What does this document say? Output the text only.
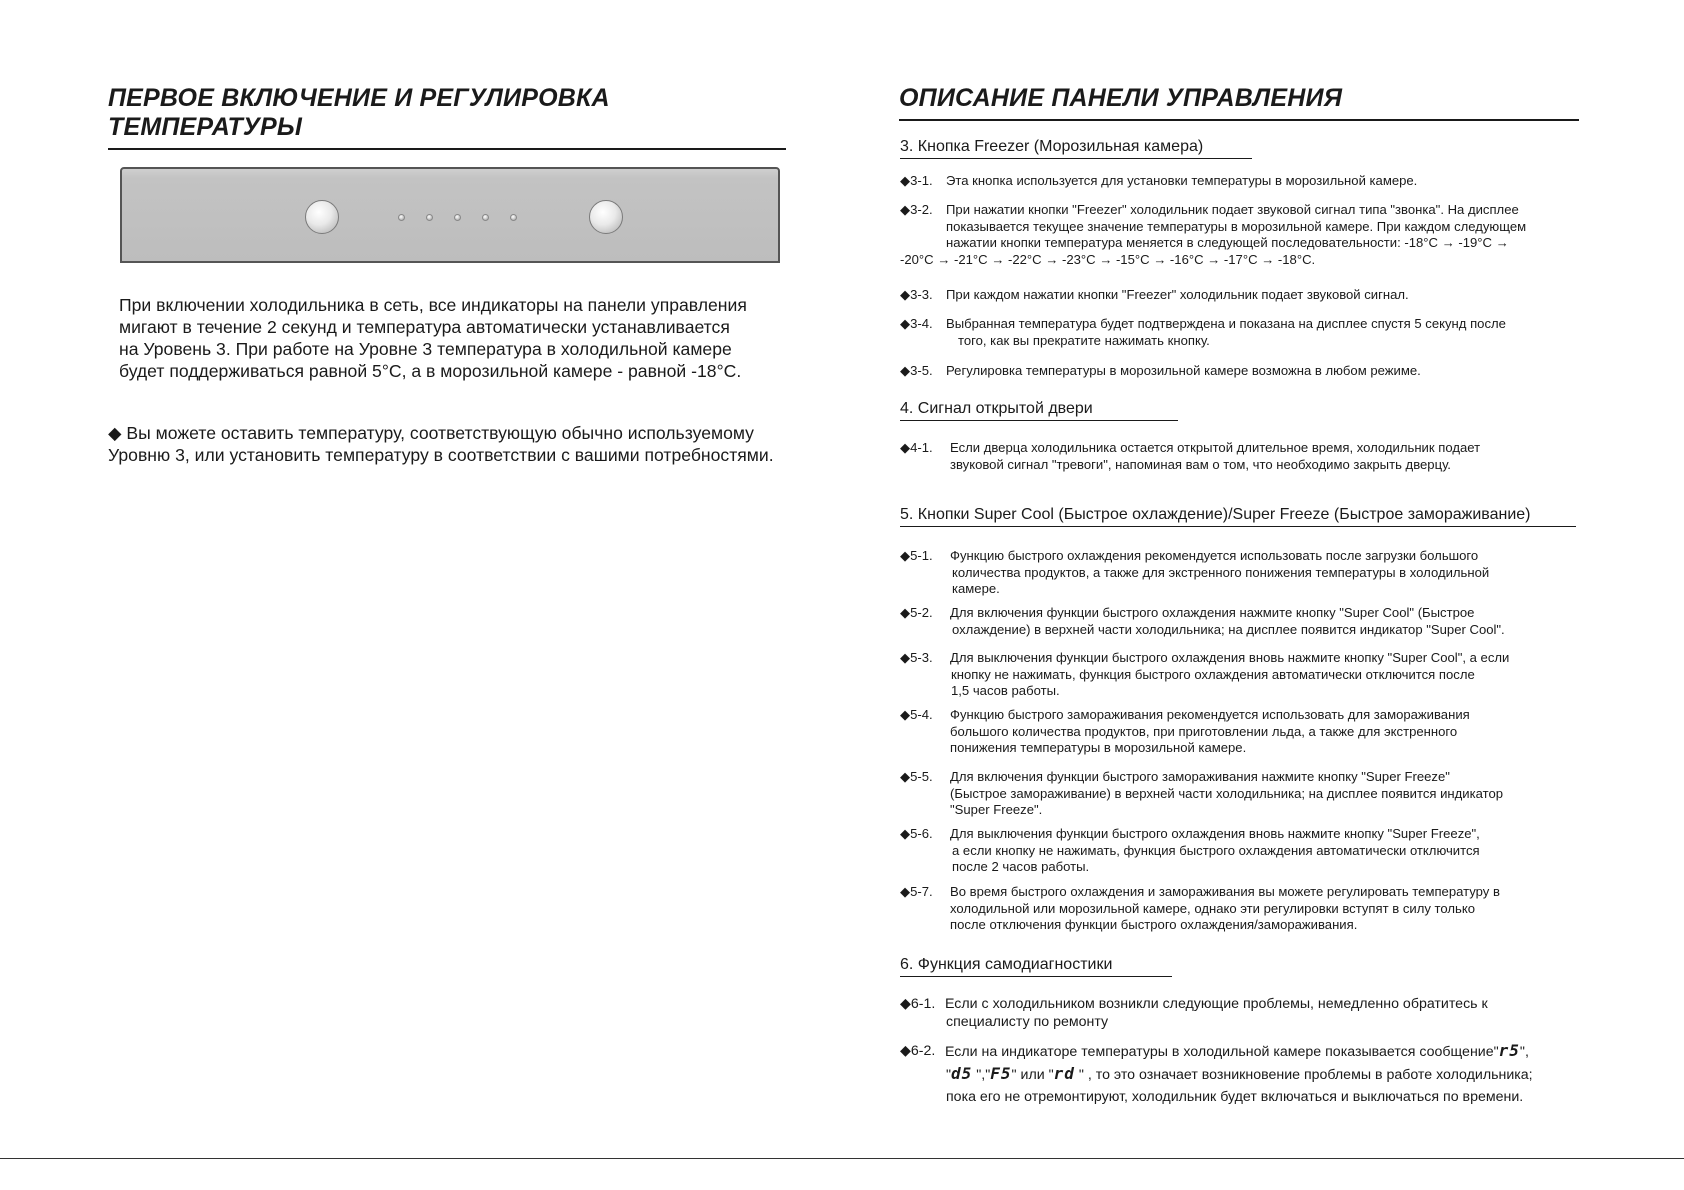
ПЕРВОЕ ВКЛЮЧЕНИЕ И РЕГУЛИРОВКА ТЕМПЕРАТУРЫ

При включении холодильника в сеть, все индикаторы на панели управления
мигают в течение 2 секунд и температура автоматически устанавливается
на Уровень 3. При работе на Уровне 3 температура в холодильной камере
будет поддерживаться равной 5°С, а в морозильной камере - равной -18°С.

◆ Вы можете оставить температуру, соответствующую обычно используемому
Уровню 3, или установить температуру в соответствии с вашими потребностями.

ОПИСАНИЕ ПАНЕЛИ УПРАВЛЕНИЯ
3. Кнопка Freezer (Морозильная камера)
◆3-1. Эта кнопка используется для установки температуры в морозильной камере.
◆3-2. При нажатии кнопки "Freezer" холодильник подает звуковой сигнал типа "звонка". На дисплее
показывается текущее значение температуры в морозильной камере. При каждом следующем
нажатии кнопки температура меняется в следующей последовательности: -18°С → -19°С →
-20°С → -21°С → -22°С → -23°С → -15°С → -16°С → -17°С → -18°С.
◆3-3. При каждом нажатии кнопки "Freezer" холодильник подает звуковой сигнал.
◆3-4. Выбранная температура будет подтверждена и показана на дисплее спустя 5 секунд после
того, как вы прекратите нажимать кнопку.
◆3-5. Регулировка температуры в морозильной камере возможна в любом режиме.
4. Сигнал открытой двери
◆4-1. Если дверца холодильника остается открытой длительное время, холодильник подает
звуковой сигнал "тревоги", напоминая вам о том, что необходимо закрыть дверцу.
5. Кнопки Super Cool (Быстрое охлаждение)/Super Freeze (Быстрое замораживание)
◆5-1. Функцию быстрого охлаждения рекомендуется использовать после загрузки большого
количества продуктов, а также для экстренного понижения температуры в холодильной
камере.
◆5-2. Для включения функции быстрого охлаждения нажмите кнопку "Super Cool" (Быстрое
охлаждение) в верхней части холодильника; на дисплее появится индикатор "Super Cool".
◆5-3. Для выключения функции быстрого охлаждения вновь нажмите кнопку "Super Cool", а если
кнопку не нажимать, функция быстрого охлаждения автоматически отключится после
1,5 часов работы.
◆5-4. Функцию быстрого замораживания рекомендуется использовать для замораживания
большого количества продуктов, при приготовлении льда, а также для экстренного
понижения температуры в морозильной камере.
◆5-5. Для включения функции быстрого замораживания нажмите кнопку "Super Freeze"
(Быстрое замораживание) в верхней части холодильника; на дисплее появится индикатор
"Super Freeze".
◆5-6. Для выключения функции быстрого охлаждения вновь нажмите кнопку "Super Freeze",
а если кнопку не нажимать, функция быстрого охлаждения автоматически отключится
после 2 часов работы.
◆5-7. Во время быстрого охлаждения и замораживания вы можете регулировать температуру в
холодильной или морозильной камере, однако эти регулировки вступят в силу только
после отключения функции быстрого охлаждения/замораживания.
6. Функция самодиагностики
◆6-1. Если с холодильником возникли следующие проблемы, немедленно обратитесь к
специалисту по ремонту
◆6-2. Если на индикаторе температуры в холодильной камере показывается сообщение"r5",
"d5 ","F5" или "rd " , то это означает возникновение проблемы в работе холодильника;
пока его не отремонтируют, холодильник будет включаться и выключаться по времени.
